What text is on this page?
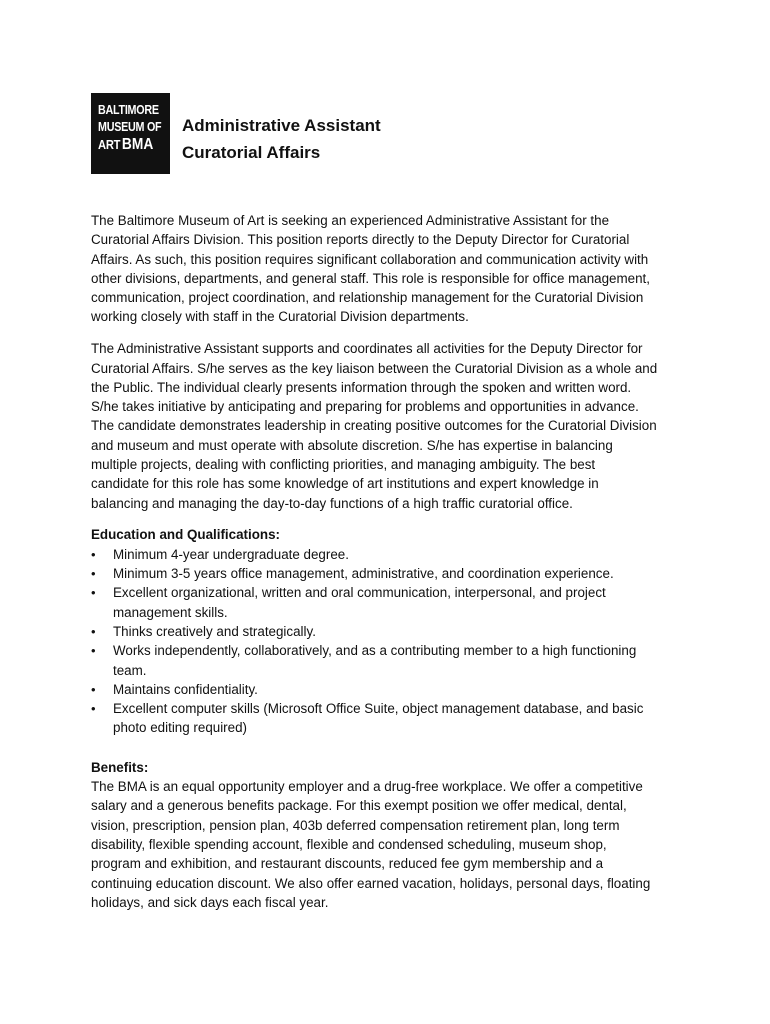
BALTIMORE
MUSEUM OF
ART BMA
Administrative Assistant
Curatorial Affairs

The Baltimore Museum of Art is seeking an experienced Administrative Assistant for the
Curatorial Affairs Division. This position reports directly to the Deputy Director for Curatorial
Affairs. As such, this position requires significant collaboration and communication activity with
other divisions, departments, and general staff. This role is responsible for office management,
communication, project coordination, and relationship management for the Curatorial Division
working closely with staff in the Curatorial Division departments.

The Administrative Assistant supports and coordinates all activities for the Deputy Director for
Curatorial Affairs. S/he serves as the key liaison between the Curatorial Division as a whole and
the Public. The individual clearly presents information through the spoken and written word.
S/he takes initiative by anticipating and preparing for problems and opportunities in advance.
The candidate demonstrates leadership in creating positive outcomes for the Curatorial Division
and museum and must operate with absolute discretion. S/he has expertise in balancing
multiple projects, dealing with conflicting priorities, and managing ambiguity. The best
candidate for this role has some knowledge of art institutions and expert knowledge in
balancing and managing the day-to-day functions of a high traffic curatorial office.

Education and Qualifications:
• Minimum 4-year undergraduate degree.
• Minimum 3-5 years office management, administrative, and coordination experience.
• Excellent organizational, written and oral communication, interpersonal, and project
management skills.
• Thinks creatively and strategically.
• Works independently, collaboratively, and as a contributing member to a high functioning
team.
• Maintains confidentiality.
• Excellent computer skills (Microsoft Office Suite, object management database, and basic
photo editing required)
Benefits:

The BMA is an equal opportunity employer and a drug-free workplace. We offer a competitive
salary and a generous benefits package. For this exempt position we offer medical, dental,
vision, prescription, pension plan, 403b deferred compensation retirement plan, long term
disability, flexible spending account, flexible and condensed scheduling, museum shop,
program and exhibition, and restaurant discounts, reduced fee gym membership and a
continuing education discount. We also offer earned vacation, holidays, personal days, floating
holidays, and sick days each fiscal year.
